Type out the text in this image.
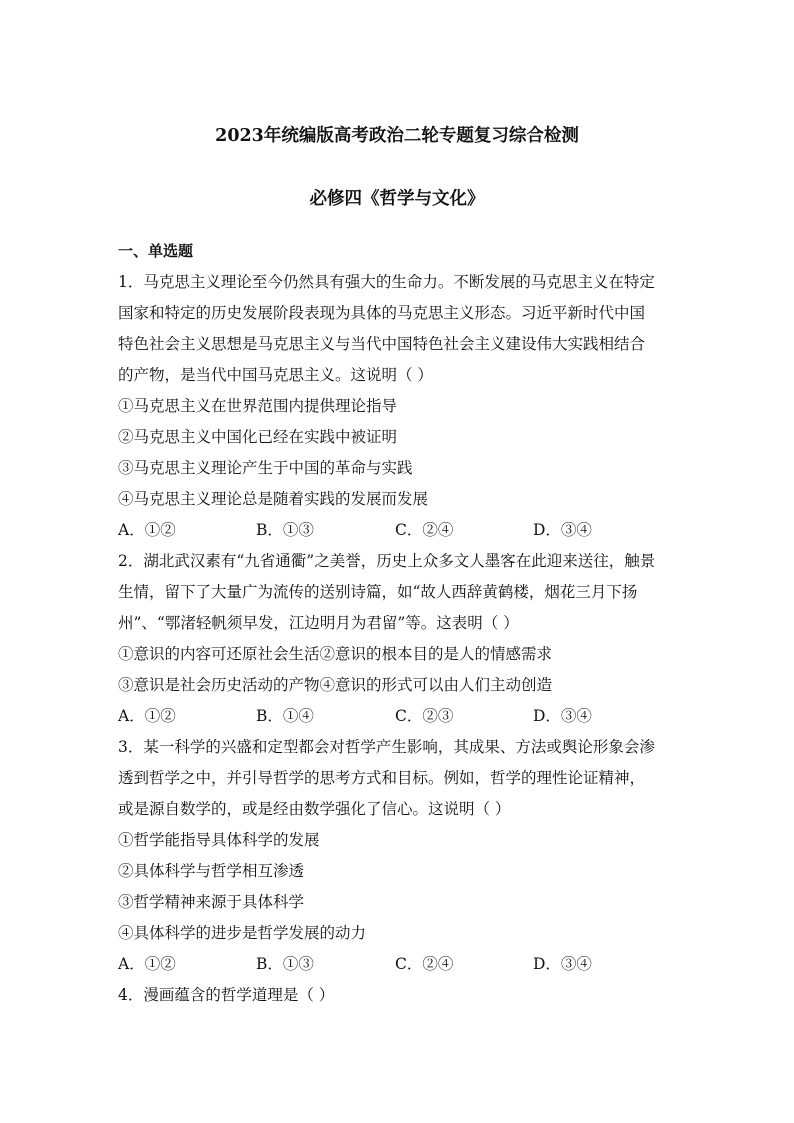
2023年统编版高考政治二轮专题复习综合检测
必修四《哲学与文化》
一、单选题
1．马克思主义理论至今仍然具有强大的生命力。不断发展的马克思主义在特定
国家和特定的历史发展阶段表现为具体的马克思主义形态。习近平新时代中国
特色社会主义思想是马克思主义与当代中国特色社会主义建设伟大实践相结合
的产物，是当代中国马克思主义。这说明（ ）
①马克思主义在世界范围内提供理论指导
②马克思主义中国化已经在实践中被证明
③马克思主义理论产生于中国的革命与实践
④马克思主义理论总是随着实践的发展而发展
A．①②	B．①③	C．②④	D．③④
2．湖北武汉素有“九省通衢”之美誉，历史上众多文人墨客在此迎来送往，触景
生情，留下了大量广为流传的送别诗篇，如“故人西辞黄鹤楼，烟花三月下扬
州”、“鄂渚轻帆须早发，江边明月为君留”等。这表明（ ）
①意识的内容可还原社会生活②意识的根本目的是人的情感需求
③意识是社会历史活动的产物④意识的形式可以由人们主动创造
A．①②	B．①④	C．②③	D．③④
3．某一科学的兴盛和定型都会对哲学产生影响，其成果、方法或舆论形象会渗
透到哲学之中，并引导哲学的思考方式和目标。例如，哲学的理性论证精神，
或是源自数学的，或是经由数学强化了信心。这说明（ ）
①哲学能指导具体科学的发展
②具体科学与哲学相互渗透
③哲学精神来源于具体科学
④具体科学的进步是哲学发展的动力
A．①②	B．①③	C．②④	D．③④
4．漫画蕴含的哲学道理是（ ）
